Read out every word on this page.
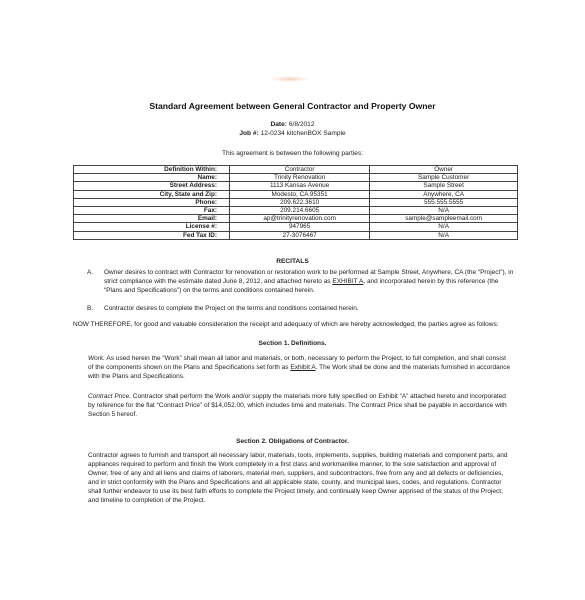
Standard Agreement between General Contractor and Property Owner
Date: 6/8/2012
Job #: 12-0234 kitchenBOX Sample
This agreement is between the following parties:
Definition Within:	Contractor	Owner
Name:	Trinity Renovation	Sample Customer
Street Address:	1113 Kansas Avenue	Sample Street
City, State and Zip:	Modesto, CA 95351	Anywhere, CA
Phone:	209.622.3610	555.555.5555
Fax:	209.214.6605	N/A
Email:	ap@trinityrenovation.com	sample@sampleemail.com
License #:	947965	N/A
Fed Tax ID:	27-3076467	N/A
RECITALS
A. Owner desires to contract with Contractor for renovation or restoration work to be performed at Sample Street, Anywhere, CA (the “Project”), in strict compliance with the estimate dated June 8, 2012, and attached hereto as EXHIBIT A, and incorporated herein by this reference (the “Plans and Specifications”) on the terms and conditions contained herein.
B. Contractor desires to complete the Project on the terms and conditions contained herein.
NOW THEREFORE, for good and valuable consideration the receipt and adequacy of which are hereby acknowledged, the parties agree as follows:
Section 1. Definitions.
Work. As used herein the “Work” shall mean all labor and materials, or both, necessary to perform the Project, to full completion, and shall consist of the components shown on the Plans and Specifications set forth as Exhibit A. The Work shall be done and the materials furnished in accordance with the Plans and Specifications.
Contract Price. Contractor shall perform the Work and/or supply the materials more fully specified on Exhibit “A” attached hereto and incorporated by reference for the flat “Contract Price” of $14,052.00, which includes time and materials. The Contract Price shall be payable in accordance with Section 5 hereof.
Section 2. Obligations of Contractor.
Contractor agrees to furnish and transport all necessary labor, materials, tools, implements, supplies, building materials and component parts, and appliances required to perform and finish the Work completely in a first class and workmanlike manner, to the sole satisfaction and approval of Owner, free of any and all liens and claims of laborers, material men, suppliers, and subcontractors, free from any and all defects or deficiencies, and in strict conformity with the Plans and Specifications and all applicable state, county, and municipal laws, codes, and regulations. Contractor shall further endeavor to use its best faith efforts to complete the Project timely, and continually keep Owner apprised of the status of the Project, and timeline to completion of the Project.
